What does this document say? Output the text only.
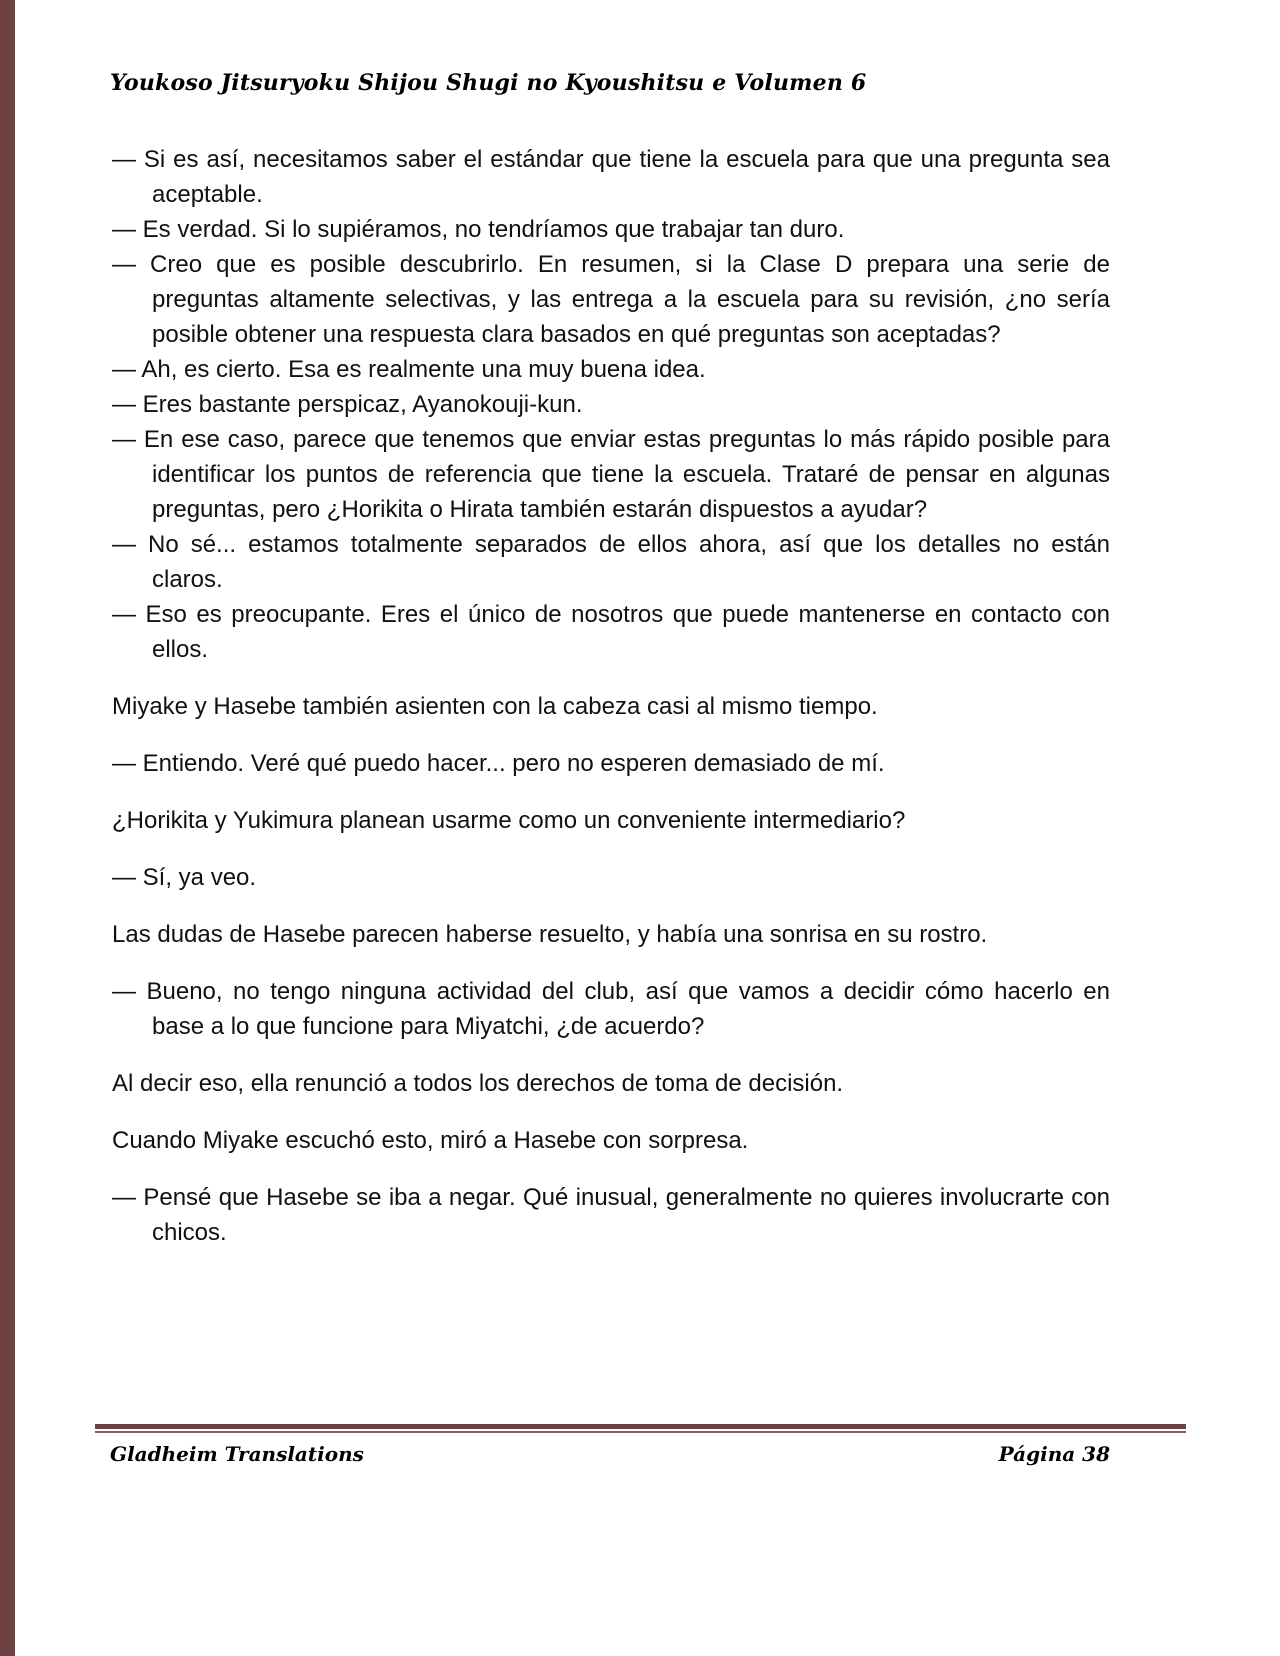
Youkoso Jitsuryoku Shijou Shugi no Kyoushitsu e Volumen 6

— Si es así, necesitamos saber el estándar que tiene la escuela para que una pregunta sea aceptable.

— Es verdad. Si lo supiéramos, no tendríamos que trabajar tan duro.

— Creo que es posible descubrirlo. En resumen, si la Clase D prepara una serie de preguntas altamente selectivas, y las entrega a la escuela para su revisión, ¿no sería posible obtener una respuesta clara basados en qué preguntas son aceptadas?

— Ah, es cierto. Esa es realmente una muy buena idea.

— Eres bastante perspicaz, Ayanokouji-kun.

— En ese caso, parece que tenemos que enviar estas preguntas lo más rápido posible para identificar los puntos de referencia que tiene la escuela. Trataré de pensar en algunas preguntas, pero ¿Horikita o Hirata también estarán dispuestos a ayudar?

— No sé... estamos totalmente separados de ellos ahora, así que los detalles no están claros.

— Eso es preocupante. Eres el único de nosotros que puede mantenerse en contacto con ellos.

Miyake y Hasebe también asienten con la cabeza casi al mismo tiempo.

— Entiendo. Veré qué puedo hacer... pero no esperen demasiado de mí.

¿Horikita y Yukimura planean usarme como un conveniente intermediario?

— Sí, ya veo.

Las dudas de Hasebe parecen haberse resuelto, y había una sonrisa en su rostro.

— Bueno, no tengo ninguna actividad del club, así que vamos a decidir cómo hacerlo en base a lo que funcione para Miyatchi, ¿de acuerdo?

Al decir eso, ella renunció a todos los derechos de toma de decisión.

Cuando Miyake escuchó esto, miró a Hasebe con sorpresa.

— Pensé que Hasebe se iba a negar. Qué inusual, generalmente no quieres involucrarte con chicos.

Gladheim Translations	Página 38
